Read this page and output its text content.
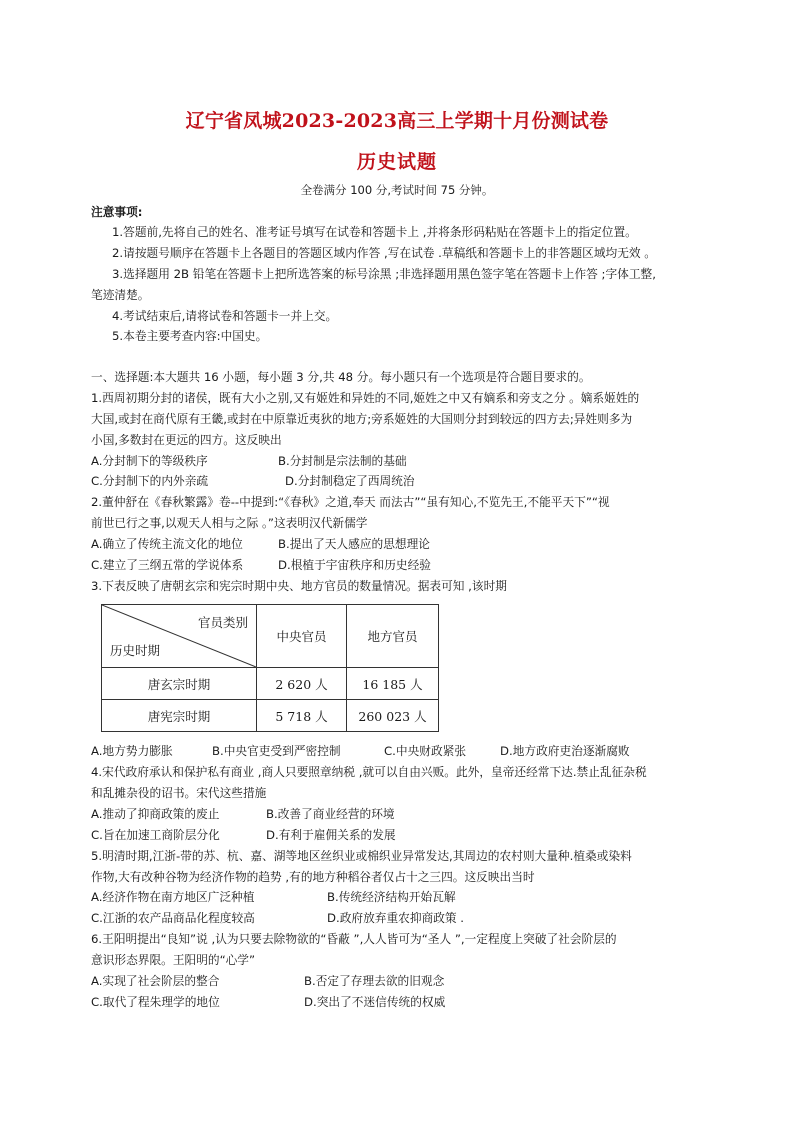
辽宁省凤城2023-2023高三上学期十月份测试卷
历史试题
全卷满分 100 分,考试时间 75 分钟。
注意事项:
1.答题前,先将自己的姓名、准考证号填写在试卷和答题卡上 ,并将条形码粘贴在答题卡上的指定位置。
2.请按题号顺序在答题卡上各题目的答题区域内作答 ,写在试卷 .草稿纸和答题卡上的非答题区域均无效 。
3.选择题用 2B 铅笔在答题卡上把所选答案的标号涂黑 ;非选择题用黑色签字笔在答题卡上作答 ;字体工整,
笔迹清楚。
4.考试结束后,请将试卷和答题卡一并上交。
5.本卷主要考查内容:中国史。
一、选择题:本大题共 16 小题，每小题 3 分,共 48 分。每小题只有一个选项是符合题目要求的。
1.西周初期分封的诸侯，既有大小之别,又有姬姓和异姓的不同,姬姓之中又有嫡系和旁支之分 。嫡系姬姓的
大国,或封在商代原有王畿,或封在中原靠近夷狄的地方;旁系姬姓的大国则分封到较远的四方去;异姓则多为
小国,多数封在更远的四方。这反映出
A.分封制下的等级秩序	B.分封制是宗法制的基础
C.分封制下的内外亲疏	D.分封制稳定了西周统治
2.董仲舒在《春秋繁露》卷--中提到:“《春秋》之道,奉天 而法古”“虽有知心,不览先王,不能平天下”“视
前世已行之事,以观天人相与之际 。”这表明汉代新儒学
A.确立了传统主流文化的地位	B.提出了天人感应的思想理论
C.建立了三纲五常的学说体系	D.根植于宇宙秩序和历史经验
3.下表反映了唐朝玄宗和宪宗时期中央、地方官员的数量情况。据表可知 ,该时期
官员类别
历史时期	中央官员	地方官员
唐玄宗时期	2 620 人	16 185 人
唐宪宗时期	5 718 人	260 023 人
A.地方势力膨胀	B.中央官吏受到严密控制	C.中央财政紧张	D.地方政府吏治逐渐腐败
4.宋代政府承认和保护私有商业 ,商人只要照章纳税 ,就可以自由兴贩。此外，皇帝还经常下达.禁止乱征杂税
和乱摊杂役的诏书。宋代这些措施
A.推动了抑商政策的废止	B.改善了商业经营的环境
C.旨在加速工商阶层分化	D.有利于雇佣关系的发展
5.明清时期,江浙-带的苏、杭、嘉、湖等地区丝织业或棉织业异常发达,其周边的农村则大量种.植桑或染料
作物,大有改种谷物为经济作物的趋势 ,有的地方种稻谷者仅占十之三四。这反映出当时
A.经济作物在南方地区广泛种植	B.传统经济结构开始瓦解
C.江浙的农产品商品化程度较高	D.政府放弃重农抑商政策 .
6.王阳明提出“良知”说 ,认为只要去除物欲的“昏蔽 ”,人人皆可为“圣人 ”,一定程度上突破了社会阶层的
意识形态界限。王阳明的“心学”
A.实现了社会阶层的整合	B.否定了存理去欲的旧观念
C.取代了程朱理学的地位	D.突出了不迷信传统的权威
